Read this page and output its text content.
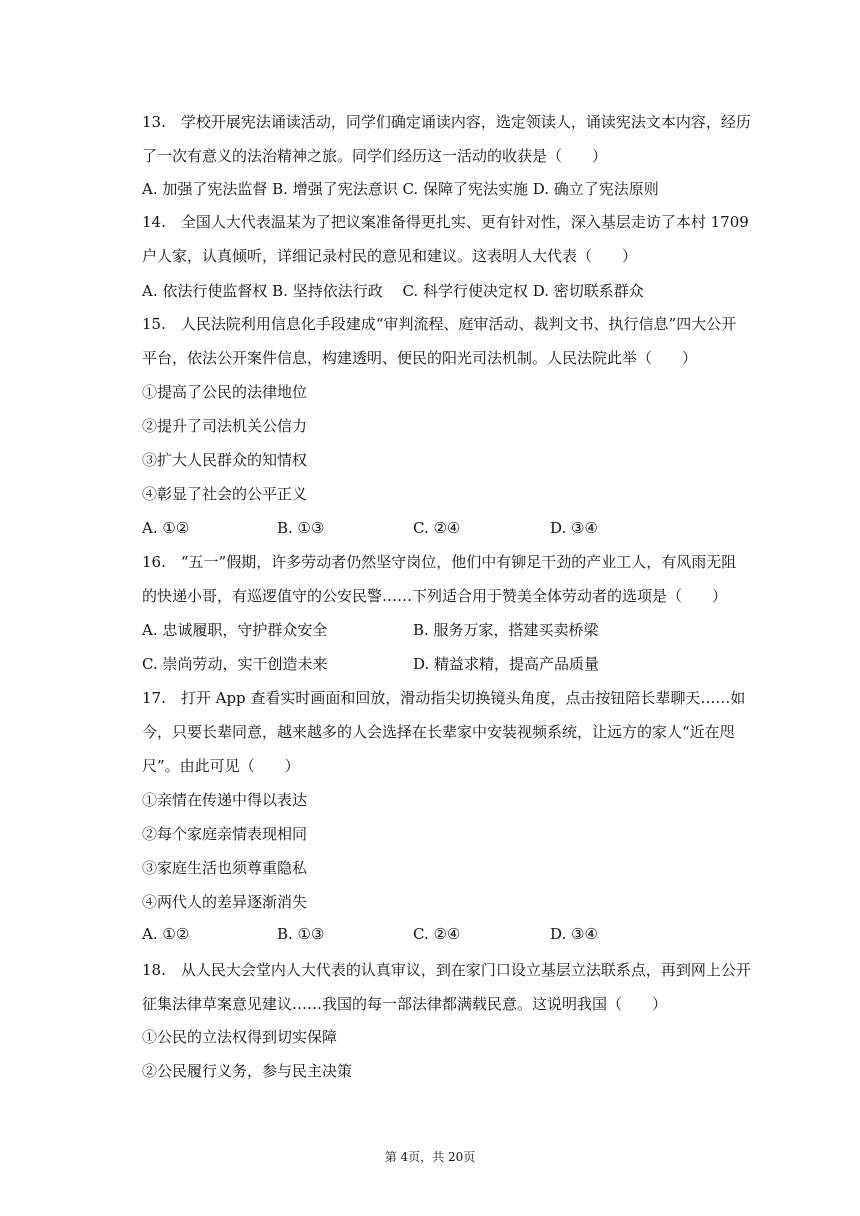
13.　学校开展宪法诵读活动，同学们确定诵读内容，选定领读人，诵读宪法文本内容，经历
了一次有意义的法治精神之旅。同学们经历这一活动的收获是（　　）
A. 加强了宪法监督 B. 增强了宪法意识 C. 保障了宪法实施 D. 确立了宪法原则
14.　全国人大代表温某为了把议案准备得更扎实、更有针对性，深入基层走访了本村 1709
户人家，认真倾听，详细记录村民的意见和建议。这表明人大代表（　　）
A. 依法行使监督权 B. 坚持依法行政　 C. 科学行使决定权 D. 密切联系群众
15.　人民法院利用信息化手段建成“审判流程、庭审活动、裁判文书、执行信息”四大公开
平台，依法公开案件信息，构建透明、便民的阳光司法机制。人民法院此举（　　）
①提高了公民的法律地位
②提升了司法机关公信力
③扩大人民群众的知情权
④彰显了社会的公平正义
A. ①②	B. ①③	C. ②④	D. ③④
16.　“五一”假期，许多劳动者仍然坚守岗位，他们中有铆足干劲的产业工人，有风雨无阻
的快递小哥，有巡逻值守的公安民警……下列适合用于赞美全体劳动者的选项是（　　）
A. 忠诚履职，守护群众安全	B. 服务万家，搭建买卖桥梁
C. 崇尚劳动，实干创造未来	D. 精益求精，提高产品质量
17.　打开 App 查看实时画面和回放，滑动指尖切换镜头角度，点击按钮陪长辈聊天……如
今，只要长辈同意，越来越多的人会选择在长辈家中安装视频系统，让远方的家人“近在咫
尺”。由此可见（　　）
①亲情在传递中得以表达
②每个家庭亲情表现相同
③家庭生活也须尊重隐私
④两代人的差异逐渐消失
A. ①②	B. ①③	C. ②④	D. ③④
18.　从人民大会堂内人大代表的认真审议，到在家门口设立基层立法联系点，再到网上公开
征集法律草案意见建议……我国的每一部法律都满载民意。这说明我国（　　）
①公民的立法权得到切实保障
②公民履行义务，参与民主决策
第 4页，共 20页
